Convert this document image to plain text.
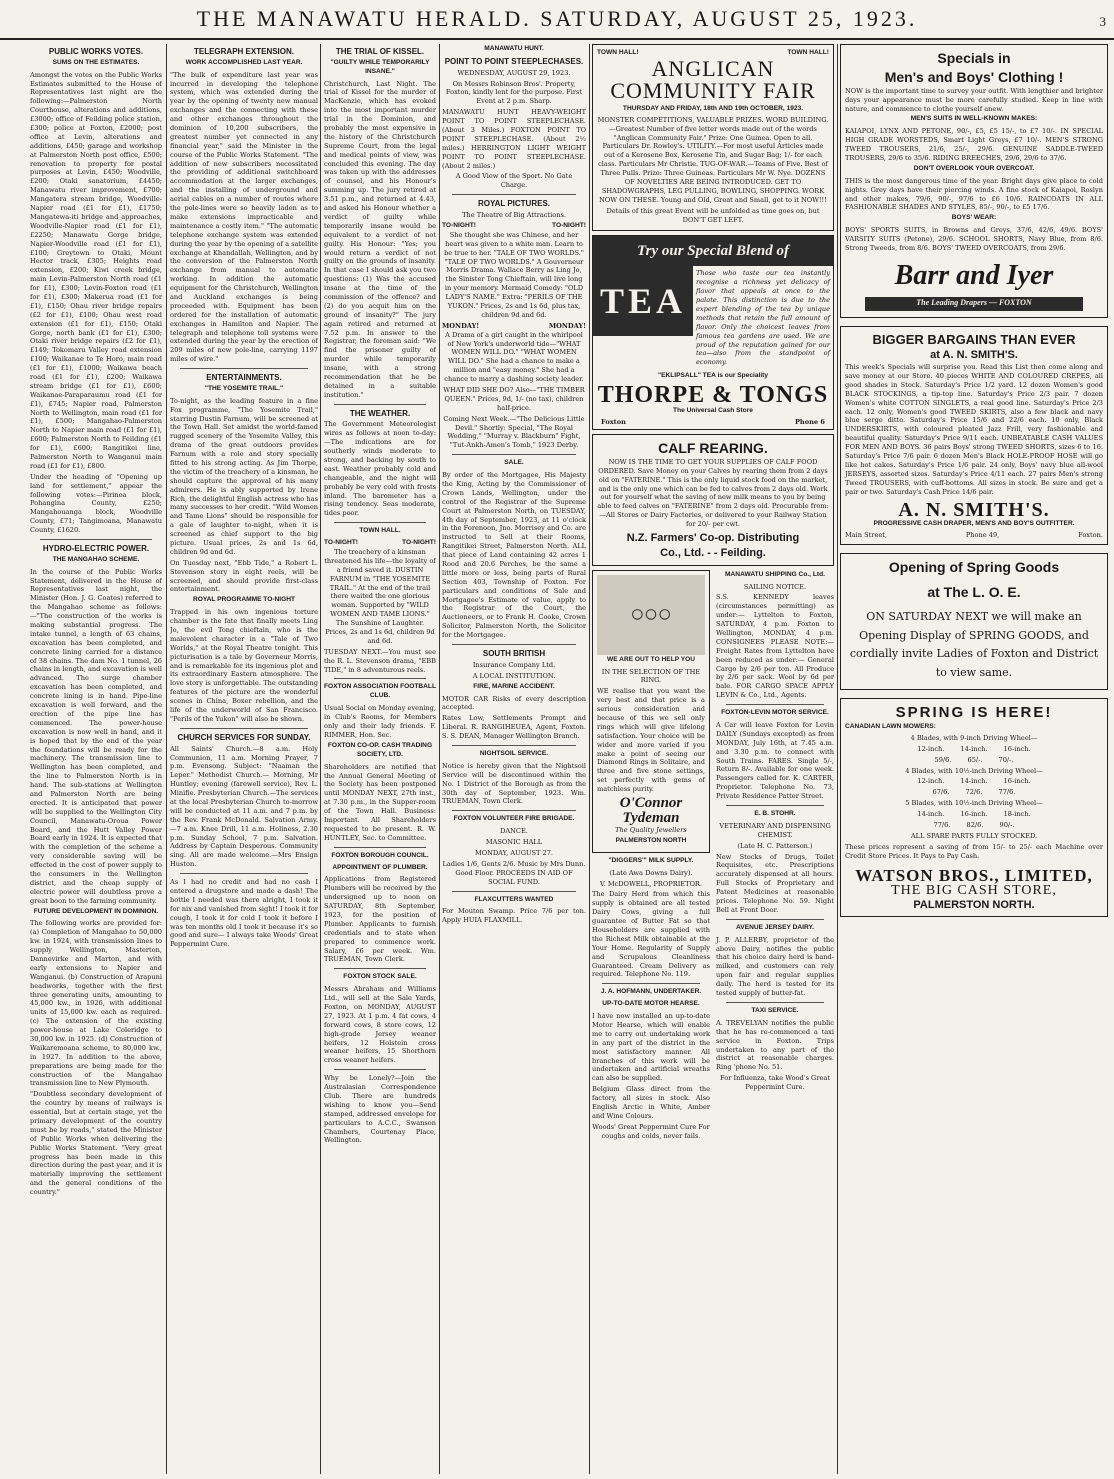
THE MANAWATU HERALD. SATURDAY, AUGUST 25, 1923.	3
PUBLIC WORKS VOTES.
SUMS ON THE ESTIMATES.

Amongst the votes on the Public Works Estimates submitted to the House of Representatives last night are the following:—Palmerston North Courthouse, alterations and additions, £3000; office of Feilding police station, £300; police at Foxton, £2000; post office at Levin, alterations and additions, £450; garage and workshop at Palmerston North post office, £500; renovation to property for postal purposes at Levin, £450; Woodville, £200; Otaki sanatorium, £4450; Manawatu river improvement, £700; Mangatera stream bridge, Woodville-Napier road (£1 for £1), £1750; Mangatewa-iti bridge and approaches, Woodville-Napier road (£1 for £1), £2250; Manawatu Gorge bridge, Napier-Woodville road (£1 for £1), £100; Greytown to Otaki, Mount Hector track, £305; Heights road extension, £200; Kiwi creek bridge, main Levin-Palmerston North road (£1 for £1), £300; Levin-Foxton road (£1 for £1), £300; Makerua road (£1 for £1), £150; Ohau river bridge repairs (£2 for £1), £100; Ohau west road extension (£1 for £1), £150; Otaki Gorge, north bank (£1 for £1), £300; Otaki river bridge repairs (£2 for £1), £149; Tokomaru Valley road extension £100; Waikanae to Te Horo, main road (£1 for £1), £1000; Waikawa beach road (£1 for £1), £200; Waikawa stream bridge (£1 for £1), £600; Waikanae-Paraparaumu road (£1 for £1), £745; Napier road, Palmerston North to Wellington, main road (£1 for £1), £500; Mangahao-Palmerston North to Napier main road (£1 for £1), £600; Palmerston North to Feilding (£1 for £1), £600; Rangitikei line, Palmerston North to Wanganui main road (£1 for £1), £800.

Under the heading of "Opening up land for settlement," appear the following votes:—Pirinoa block, Pohangina County, £250; Mangahouanga block, Woodville County, £71; Tangimoana, Manawatu County, £1620.

HYDRO-ELECTRIC POWER.
THE MANGAHAO SCHEME.

In the course of the Public Works Statement, delivered in the House of Representatives last night, the Minister (Hon. J. G. Coates) referred to the Mangahao scheme as follows:—"The construction of the works is making substantial progress. The intake tunnel, a length of 63 chains, excavation has been completed, and concrete lining carried for a distance of 38 chains. The dam No. 1 tunnel, 26 chains in length, and excavation is well advanced. The surge chamber excavation has been completed, and concrete lining is in hand. Pipe-line excavation is well forward, and the erection of the pipe line has commenced. The power-house excavation is now well in hand, and it is hoped that by the end of the year the foundations will be ready for the machinery. The transmission line to Wellington has been completed, and the line to Palmerston North is in hand. The sub-stations at Wellington and Palmerston North are being erected. It is anticipated that power will be supplied to the Wellington City Council, Manawatu-Oroua Power Board, and the Hutt Valley Power Board early in 1924. It is expected that with the completion of the scheme a very considerable saving will be effected in the cost of power supply to the consumers in the Wellington district, and the cheap supply of electric power will doubtless prove a great boon to the farming community.

FUTURE DEVELOPMENT IN DOMINION.

The following works are provided for: (a) Completion of Mangahao to 50,000 kw. in 1924, with transmission lines to supply Wellington, Masterton, Dannevirke and Marton, and with early extensions to Napier and Wanganui. (b) Construction of Arapuni headworks, together with the first three generating units, amounting to 45,000 kw., in 1926, with additional units of 15,000 kw. each as required. (c) The extension of the existing power-house at Lake Coleridge to 30,000 kw. in 1925. (d) Construction of Waikaremoana scheme, to 80,000 kw., in 1927. In addition to the above, preparations are being made for the construction of the Mangahao transmission line to New Plymouth.

"Doubtless secondary development of the country by means of railways is essential, but at certain stage, yet the primary development of the country must be by roads," stated the Minister of Public Works when delivering the Public Works Statement. "Very great progress has been made in this direction during the past year, and it is materially improving the settlement and the general conditions of the country."

TELEGRAPH EXTENSION.
WORK ACCOMPLISHED LAST YEAR.

"The bulk of expenditure last year was incurred in developing the telephone system, which was extended during the year by the opening of twenty new manual exchanges and the connecting with these and other exchanges throughout the dominion of 10,200 subscribers, the greatest number yet connected in any financial year," said the Minister in the course of the Public Works Statement. "The addition of new subscribers necessitated the providing of additional switchboard accommodation at the larger exchanges, and the installing of underground and aerial cables on a number of routes where the pole-lines were so heavily laden as to make extensions impracticable and maintenance a costly item." "The automatic telephone exchange system was extended during the year by the opening of a satellite exchange at Khandallah, Wellington, and by the conversion of the Palmerston North exchange from manual to automatic working. In addition the automatic equipment for the Christchurch, Wellington and Auckland exchanges is being proceeded with. Equipment has been ordered for the installation of automatic exchanges in Hamilton and Napier. The telegraph and telephone toll systems were extended during the year by the erection of 209 miles of new pole-line, carrying 1197 miles of wire."

ENTERTAINMENTS.
"THE YOSEMITE TRAIL."

To-night, as the leading feature in a fine Fox programme, "The Yosemite Trail," starring Dustin Farnum, will be screened at the Town Hall. Set amidst the world-famed rugged scenery of the Yosemite Valley, this drama of the great outdoors provides Farnum with a role and story specially fitted to his strong acting. As Jim Thorpe, the victim of the treachery of a kinsman, he should capture the approval of his many admirers. He is ably supported by Irene Rich, the delightful English actress who has many successes to her credit. "Wild Women and Tame Lions" should be responsible for a gale of laughter to-night, when it is screened as chief support to the big picture. Usual prices, 2s and 1s 6d, children 9d and 6d.

On Tuesday next, "Ebb Tide," a Robert L. Stevenson story in eight reels, will be screened, and should provide first-class entertainment.

ROYAL PROGRAMME TO-NIGHT

Trapped in his own ingenious torture chamber is the fate that finally meets Ling Jo, the evil Tong chieftain, who is the malevolent character in a "Tale of Two Worlds," at the Royal Theatre tonight. This picturisation is a tale by Governeur Morris, and is remarkable for its ingenious plot and its extraordinary Eastern atmosphere. The love story is unforgettable. The outstanding features of the picture are the wonderful scenes in China, Boxer rebellion, and the life of the underworld of San Francisco. "Perils of the Yukon" will also be shown.

CHURCH SERVICES FOR SUNDAY.

All Saints' Church.—8 a.m. Holy Communion, 11 a.m. Morning Prayer, 7 p.m. Evensong. Subject: "Naaman the Leper." Methodist Church.— Morning, Mr Huntley; evening (farewell service), Rev. L. Minifie. Presbyterian Church.—The services at the local Presbyterian Church to-morrow will be conducted at 11 a.m. and 7 p.m. by the Rev. Frank McDonald. Salvation Army.—7 a.m. Knee Drill, 11 a.m. Holiness, 2.30 p.m. Sunday School, 7 p.m. Salvation. Address by Captain Desperous. Community sing. All are made welcome.—Mrs Ensign Huston.

As I had no credit and had no cash I entered a drugstore and made a dash! The bottle I needed was there alright, I took it for nix and vanished from sight! I took it for cough, I took it for cold I took it before I was ten months old I took it because it's so good and sure— I always take Woods' Great Peppermint Cure.

THE TRIAL OF KISSEL.
"GUILTY WHILE TEMPORARILY INSANE."

Christchurch, Last Night. The trial of Kissel for the murder of MacKenzie, which has evoked into the most important murder trial in the Dominion, and probably the most expensive in the history of the Christchurch Supreme Court, from the legal and medical points of view, was concluded this evening. The day was taken up with the addresses of counsel, and his Honour's summing up. The jury retired at 3.51 p.m., and returned at 4.43, and asked his Honour whether a verdict of guilty while temporarily insane would be equivalent to a verdict of not guilty. His Honour: "Yes; you would return a verdict of not guilty on the grounds of insanity. In that case I should ask you two questions: (1) Was the accused insane at the time of the commission of the offence? and (2) do you acquit him on the ground of insanity?" The jury again retired and returned at 7.52 p.m. In answer to the Registrar, the foreman said: "We find the prisoner guilty of murder while temporarily insane, with a strong recommendation that he be detained in a suitable institution."

THE WEATHER.

The Government Meteorologist wires as follows at noon to-day:—The indications are for southerly winds moderate to strong, and backing by south to east. Weather probably cold and changeable, and the night will probably be very cold with frosts inland. The barometer has a rising tendency. Seas moderate, tides poor.

TOWN HALL.
TO-NIGHT!	TO-NIGHT!

The treachery of a kinsman threatened his life—the loyalty of a friend saved it. DUSTIN FARNUM in "THE YOSEMITE TRAIL." At the end of the trail there waited the one glorious woman. Supported by "WILD WOMEN AND TAME LIONS." The Sunshine of Laughter. Prices, 2s and 1s 6d, children 9d and 6d.

TUESDAY NEXT.—You must see the R. L. Stevenson drama, "EBB TIDE," in 8 adventurous reels.

FOXTON ASSOCIATION FOOTBALL CLUB.

Usual Social on Monday evening, in Club's Rooms, for Members only and their lady friends. F. RIMMER, Hon. Sec.

FOXTON CO-OP. CASH TRADING SOCIETY, LTD.

Shareholders are notified that the Annual General Meeting of the Society has been postponed until MONDAY NEXT, 27th inst., at 7.30 p.m., in the Supper-room of the Town Hall. Business: Important. All Shareholders requested to be present. R. W. HUNTLEY, Sec. to Committee.

FOXTON BOROUGH COUNCIL.
APPOINTMENT OF PLUMBER.

Applications from Registered Plumbers will be received by the undersigned up to noon on SATURDAY, 8th September, 1923, for the position of Plumber. Applicants to furnish credentials and to state when prepared to commence work. Salary, £6 per week. Wm. TRUEMAN, Town Clerk.

FOXTON STOCK SALE.

Messrs Abraham and Williams Ltd., will sell at the Sale Yards, Foxton, on MONDAY, AUGUST 27, 1923. At 1 p.m. 4 fat cows, 4 forward cows, 8 store cows, 12 high-grade Jersey weaner heifers, 12 Holstein cross weaner heifers, 15 Shorthorn cross weaner heifers.

Why be Lonely?—Join the Australasian Correspondence Club. There are hundreds wishing to know you—Send stamped, addressed envelope for particulars to A.C.C., Swanson Chambers, Courtenay Place, Wellington.

MANAWATU HUNT.
POINT TO POINT STEEPLECHASES.

WEDNESDAY, AUGUST 29, 1923.

On Messrs Robinson Bros'. Property, Foxton, kindly lent for the purpose. First Event at 2 p.m. Sharp.

MANAWATU HUNT HEAVY-WEIGHT POINT TO POINT STEEPLECHASE. (About 3 Miles.) FOXTON POINT TO POINT STEEPLECHASE. (About 2½ miles.) HERRINGTON LIGHT WEIGHT POINT TO POINT STEEPLECHASE. (About 2 miles.)

A Good View of the Sport. No Gate Charge.

ROYAL PICTURES.

The Theatre of Big Attractions.

TO-NIGHT!	TO-NIGHT!

She thought she was Chinese, and her heart was given to a white man. Learn to be true to her. "TALE OF TWO WORLDS." "TALE OF TWO WORLDS." A Gouverneur Morris Drama. Wallace Berry as Ling Jo, the Sinister Tong Chieftain, will live long in your memory. Mermaid Comedy: "OLD LADY'S NAME." Extra: "PERILS OF THE YUKON." Prices, 2s and 1s 6d, plus tax, children 9d and 6d.

MONDAY!	MONDAY!

A Drama of a girl caught in the whirlpool of New York's underworld tide—"WHAT WOMEN WILL DO." "WHAT WOMEN WILL DO." She had a chance to make a million and "easy money." She had a chance to marry a dashing society leader.

WHAT DID SHE DO? Also—"THE TIMBER QUEEN." Prices, 9d, 1/- (no tax), children half-price.

Coming Next Week.—"The Delicious Little Devil." Shortly: Special, "The Royal Wedding," "Murray v. Blackburn" Fight, "Tut-Ankh-Amen's Tomb," 1923 Derby.

SALE.

By order of the Mortgagee, His Majesty the King, Acting by the Commissioner of Crown Lands, Wellington, under the control of the Registrar of the Supreme Court at Palmerston North, on TUESDAY, 4th day of September, 1923, at 11 o'clock in the Forenoon, Jno. Morrisey and Co. are instructed to Sell at their Rooms, Rangitikei Street, Palmerston North. ALL that piece of Land containing 42 acres 1 Rood and 20.6 Perches, be the same a little more or less, being parts of Rural Section 403, Township of Foxton. For particulars and conditions of Sale and Mortgagee's Estimate of value, apply to the Registrar of the Court, the Auctioneers, or to Frank H. Cooke, Crown Solicitor, Palmerston North, the Solicitor for the Mortgagee.

SOUTH BRITISH

Insurance Company Ltd.

A LOCAL INSTITUTION.

FIRE, MARINE ACCIDENT.

MOTOR CAR Risks of every description accepted.

Rates Low, Settlements Prompt and Liberal. R. RANGIHEUEA, Agent, Foxton. S. S. DEAN, Manager Wellington Branch.

NIGHTSOIL SERVICE.

Notice is hereby given that the Nightsoil Service will be discontinued within the No. 1 District of the Borough as from the 30th day of September, 1923. Wm. TRUEMAN, Town Clerk.

FOXTON VOLUNTEER FIRE BRIGADE.

DANCE.

MASONIC HALL

MONDAY, AUGUST 27.

Ladies 1/6, Gents 2/6. Music by Mrs Dunn. Good Floor. PROCEEDS IN AID OF SOCIAL FUND.

FLAXCUTTERS WANTED

For Mouton Swamp. Price 7/6 per ton. Apply HUIA FLAXMILL.

TOWN HALL!	TOWN HALL!
ANGLICAN
COMMUNITY FAIR

THURSDAY AND FRIDAY, 18th AND 19th OCTOBER, 1923.

MONSTER COMPETITIONS, VALUABLE PRIZES. WORD BUILDING.—Greatest Number of five letter words made out of the words "Anglican Community Fair." Prize: One Guinea. Open to all. Particulars Dr. Rowley's. UTILITY.—For most useful Articles made out of a Kerosene Box, Kerosene Tin, and Sugar Bag; 1/- for each class. Particulars Mr Christie. TUG-OF-WAR.—Teams of Five. Best of Three Pulls. Prize: Three Guineas. Particulars Mr W. Nye. DOZENS OF NOVELTIES ARE BEING INTRODUCED. GET TO SHADOWGRAPHS, LEG PULLING, BOWLING, SHOPPING. WORK NOW ON THESE. Young and Old, Great and Small, get to it NOW!!!

Details of this great Event will be unfolded as time goes on, but DON'T GET LEFT.

Try our Special Blend of
TEA

Those who taste our tea instantly recognise a richness yet delicacy of flavor that appeals at once to the palate. This distinction is due to the expert blending of the tea by unique methods that retain the full amount of flavor. Only the choicest leaves from famous tea gardens are used. We are proud of the reputation gained for our tea—also from the standpoint of economy.

"EKLIPSALL" TEA is our Speciality

THORPE & TONGS

The Universal Cash Store

Foxton	Phone 6
CALF REARING.

NOW IS THE TIME TO GET YOUR SUPPLIES OF CALF FOOD ORDERED. Save Money on your Calves by rearing them from 2 days old on "FATERINE." This is the only liquid stock food on the market, and is the only one which can be fed to calves from 2 days old. Work out for yourself what the saving of new milk means to you by being able to feed calves on "FATERINE" from 2 days old. Procurable from:—All Stores or Dairy Factories, or delivered to your Railway Station for 20/- per cwt.

N.Z. Farmers' Co-op. Distributing
Co., Ltd. - - Feilding.
◯ ◯ ◯
WE ARE OUT TO HELP YOU

IN THE SELECTION OF THE RING.

WE realise that you want the very best and that price is a serious consideration and because of this we sell only rings which will give lifelong satisfaction. Your choice will be wider and more varied if you make a point of seeing our Diamond Rings in Solitaire, and three and five stone settings, set perfectly with gems of matchless purity.

O'Connor
Tydeman

The Quality Jewellers

PALMERSTON NORTH

"DIGGERS'" MILK SUPPLY.

(Late Awa Downs Dairy).

V. McDOWELL, PROPRIETOR.

The Dairy Herd from which this supply is obtained are all tested Dairy Cows, giving a full guarantee of Butter Fat so that Householders are supplied with the Richest Milk obtainable at the Your Home. Regularity of Supply and Scrupulous Cleanliness Guaranteed. Cream Delivery as required. Telephone No. 119.

J. A. HOFMANN, UNDERTAKER.
UP-TO-DATE MOTOR HEARSE.

I have now installed an up-to-date Motor Hearse, which will enable me to carry out undertaking work in any part of the district in the most satisfactory manner. All branches of this work will be undertaken and artificial wreaths can also be supplied.

Belgium Glass direct from the factory, all sizes in stock. Also English Arctic in White, Amber and Wine Colours.

Woods' Great Peppermint Cure For coughs and colds, never fails.

MANAWATU SHIPPING Co., Ltd.

SAILING NOTICE.

S.S. KENNEDY leaves (circumstances permitting) as under:— Lyttelton to Foxton, SATURDAY, 4 p.m. Foxton to Wellington, MONDAY, 4 p.m. CONSIGNEES PLEASE NOTE:— Freight Rates from Lyttelton have been reduced as under:— General Cargo by 2/6 per ton. All Produce by 2/6 per sack. Wool by 6d per bale. FOR CARGO SPACE APPLY LEVIN & Co., Ltd., Agents.

FOXTON-LEVIN MOTOR SERVICE.

A Car will leave Foxton for Levin DAILY (Sundays excepted) as from MONDAY, July 16th, at 7.45 a.m. and 3.30 p.m. to connect with South Trains. FARES. Single 5/-, Return 8/-. Available for one week. Passengers called for. K. CARTER, Proprietor. Telephone No. 73, Private Residence Patter Street.

E. B. STOHR.

VETERINARY AND DISPENSING CHEMIST.

(Late H. C. Patterson.)

New Stocks of Drugs, Toilet Requisites, etc. Prescriptions accurately dispensed at all hours. Full Stocks of Proprietary and Patent Medicines at reasonable prices. Telephone No. 59. Night Bell at Front Door.

AVENUE JERSEY DAIRY.

J. P. ALLERBY, proprietor of the above Dairy, notifies the public that his choice dairy herd is hand-milked, and customers can rely upon fair and regular supplies daily. The herd is tested for its tested supply of butter-fat.

TAXI SERVICE.

A. TREVELYAN notifies the public that he has re-commenced a taxi service in Foxton. Trips undertaken to any part of the district at reasonable charges. Ring 'phone No. 51.

For Influenza, take Wood's Great Peppermint Cure.

Specials in
Men's and Boys' Clothing !

NOW is the important time to survey your outfit. With lengthier and brighter days your appearance must be more carefully studied. Keep in line with nature, and commence to clothe yourself anew.

MEN'S SUITS IN WELL-KNOWN MAKES:

KAIAPOI, LYNX AND PETONE, 90/-, £5, £5 15/-, to £7 10/-. IN SPECIAL HIGH GRADE WORSTEDS, Smart Light Greys, £7 10/-. MEN'S STRONG TWEED TROUSERS, 21/6, 25/-, 29/6. GENUINE SADDLE-TWEED TROUSERS, 29/6 to 35/6. RIDING BREECHES, 29/6, 29/6 to 37/6.

DON'T OVERLOOK YOUR OVERCOAT.

THIS is the most dangerous time of the year. Bright days give place to cold nights. Grey days have their piercing winds. A fine stock of Kaiapoi, Roslyn and other makes, 79/6, 90/-, 97/6 to £6 10/6. RAINCOATS IN ALL FASHIONABLE SHADES AND STYLES, 85/-, 90/-, to £5 17/6.

BOYS' WEAR:

BOYS' SPORTS SUITS, in Browns and Greys, 37/6, 42/6, 49/6. BOYS' VARSITY SUITS (Petone), 29/6. SCHOOL SHORTS, Navy Blue, from 8/6. Strong Tweeds, from 8/6. BOYS' TWEED OVERCOATS, from 29/6.

Barr and Iyer
The Leading Drapers — FOXTON
BIGGER BARGAINS THAN EVER
at A. N. SMITH'S.

This week's Specials will surprise you. Read this List then come along and save money at our Store. 40 pieces WHITE AND COLOURED CREPES, all good shades in Stock. Saturday's Price 1/2 yard. 12 dozen Women's good BLACK STOCKINGS, a tip-top line. Saturday's Price 2/3 pair. 7 dozen Women's white COTTON SINGLETS, a real good line. Saturday's Price 2/3 each. 12 only, Women's good TWEED SKIRTS, also a few black and navy blue serge ditto. Saturday's Price 15/6 and 22/6 each. 10 only, Black UNDERSKIRTS, with coloured pleated Jazz Frill, very fashionable and beautiful quality. Saturday's Price 9/11 each. UNBEATABLE CASH VALUES FOR MEN AND BOYS. 36 pairs Boys' strong TWEED SHORTS, sizes 6 to 16. Saturday's Price 7/6 pair. 6 dozen Men's Black HOLE-PROOF HOSE will go like hot cakes. Saturday's Price 1/6 pair. 24 only, Boys' navy blue all-wool JERSEYS, assorted sizes. Saturday's Price 4/11 each. 27 pairs Men's strong Tweed TROUSERS, with cuff-bottoms. All sizes in stock. Be sure and get a pair or two. Saturday's Cash Price 14/6 pair.

A. N. SMITH'S.

PROGRESSIVE CASH DRAPER, MEN'S AND BOY'S OUTFITTER.

Main Street,	Phone 49,	Foxton.
Opening of Spring Goods
at The L. O. E.

ON SATURDAY NEXT we will make an Opening Display of SPRING GOODS, and cordially invite Ladies of Foxton and District to view same.

SPRING IS HERE!

CANADIAN LAWN MOWERS:

4 Blades, with 9-inch Driving Wheel—

12-inch. 14-inch. 16-inch.

59/6. 65/-. 70/-.

4 Blades, with 10½-inch Driving Wheel—

12-inch. 14-inch. 16-inch.

67/6. 72/6. 77/6.

5 Blades, with 10½-inch Driving Wheel—

14-inch. 16-inch. 18-inch.

77/6. 82/6. 90/-.

ALL SPARE PARTS FULLY STOCKED.

These prices represent a saving of from 15/- to 25/- each Machine over Credit Store Prices. It Pays to Pay Cash.

WATSON BROS., LIMITED,
THE BIG CASH STORE,
PALMERSTON NORTH.
